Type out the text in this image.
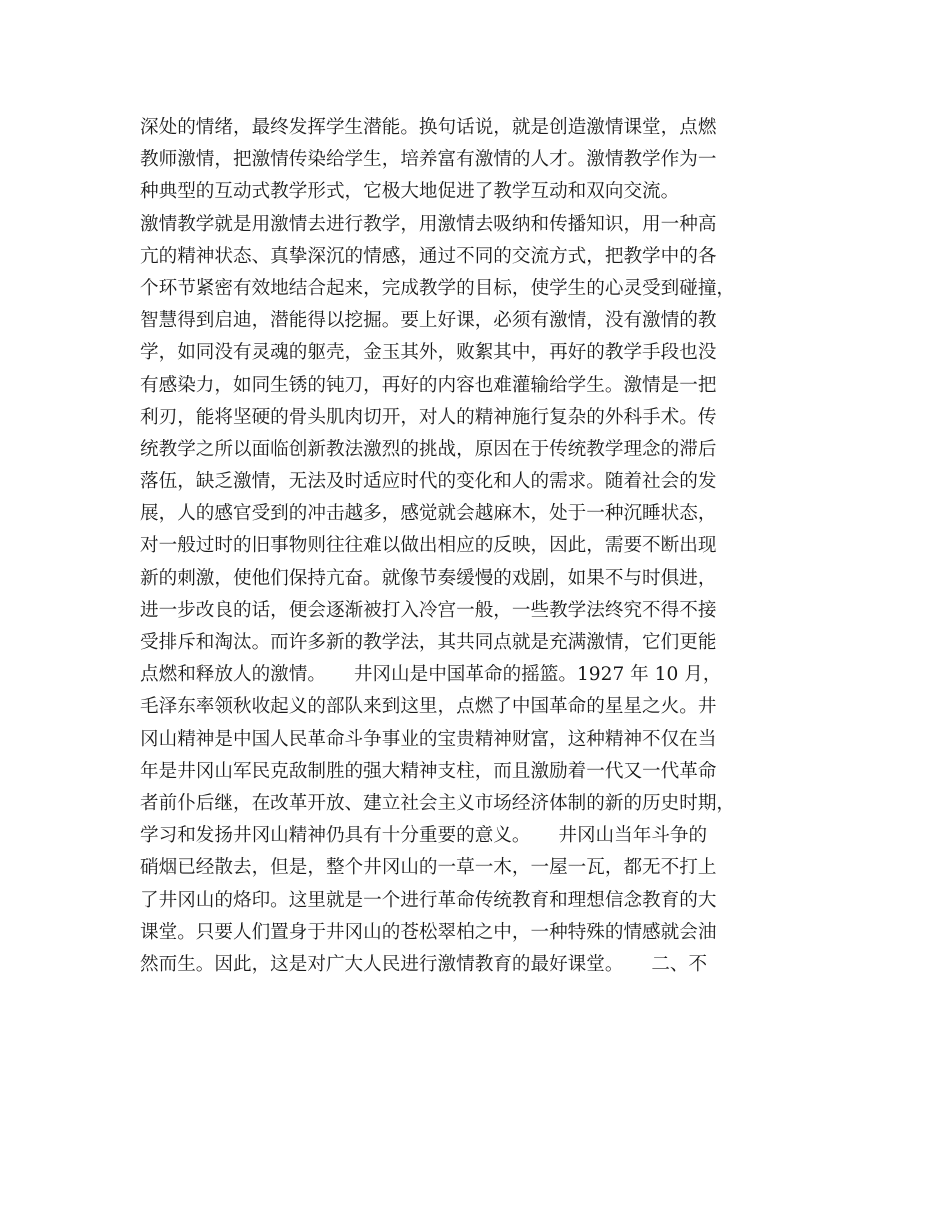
深处的情绪，最终发挥学生潜能。换句话说，就是创造激情课堂，点燃
教师激情，把激情传染给学生，培养富有激情的人才。激情教学作为一
种典型的互动式教学形式，它极大地促进了教学互动和双向交流。
激情教学就是用激情去进行教学，用激情去吸纳和传播知识，用一种高
亢的精神状态、真挚深沉的情感，通过不同的交流方式，把教学中的各
个环节紧密有效地结合起来，完成教学的目标，使学生的心灵受到碰撞，
智慧得到启迪，潜能得以挖掘。要上好课，必须有激情，没有激情的教
学，如同没有灵魂的躯壳，金玉其外，败絮其中，再好的教学手段也没
有感染力，如同生锈的钝刀，再好的内容也难灌输给学生。激情是一把
利刃，能将坚硬的骨头肌肉切开，对人的精神施行复杂的外科手术。传
统教学之所以面临创新教法激烈的挑战，原因在于传统教学理念的滞后
落伍，缺乏激情，无法及时适应时代的变化和人的需求。随着社会的发
展，人的感官受到的冲击越多，感觉就会越麻木，处于一种沉睡状态，
对一般过时的旧事物则往往难以做出相应的反映，因此，需要不断出现
新的刺激，使他们保持亢奋。就像节奏缓慢的戏剧，如果不与时俱进，
进一步改良的话，便会逐渐被打入冷宫一般，一些教学法终究不得不接
受排斥和淘汰。而许多新的教学法，其共同点就是充满激情，它们更能
点燃和释放人的激情。　　井冈山是中国革命的摇篮。1927 年 10 月，
毛泽东率领秋收起义的部队来到这里，点燃了中国革命的星星之火。井
冈山精神是中国人民革命斗争事业的宝贵精神财富，这种精神不仅在当
年是井冈山军民克敌制胜的强大精神支柱，而且激励着一代又一代革命
者前仆后继，在改革开放、建立社会主义市场经济体制的新的历史时期，
学习和发扬井冈山精神仍具有十分重要的意义。　　井冈山当年斗争的
硝烟已经散去，但是，整个井冈山的一草一木，一屋一瓦，都无不打上
了井冈山的烙印。这里就是一个进行革命传统教育和理想信念教育的大
课堂。只要人们置身于井冈山的苍松翠柏之中，一种特殊的情感就会油
然而生。因此，这是对广大人民进行激情教育的最好课堂。　　二、不
